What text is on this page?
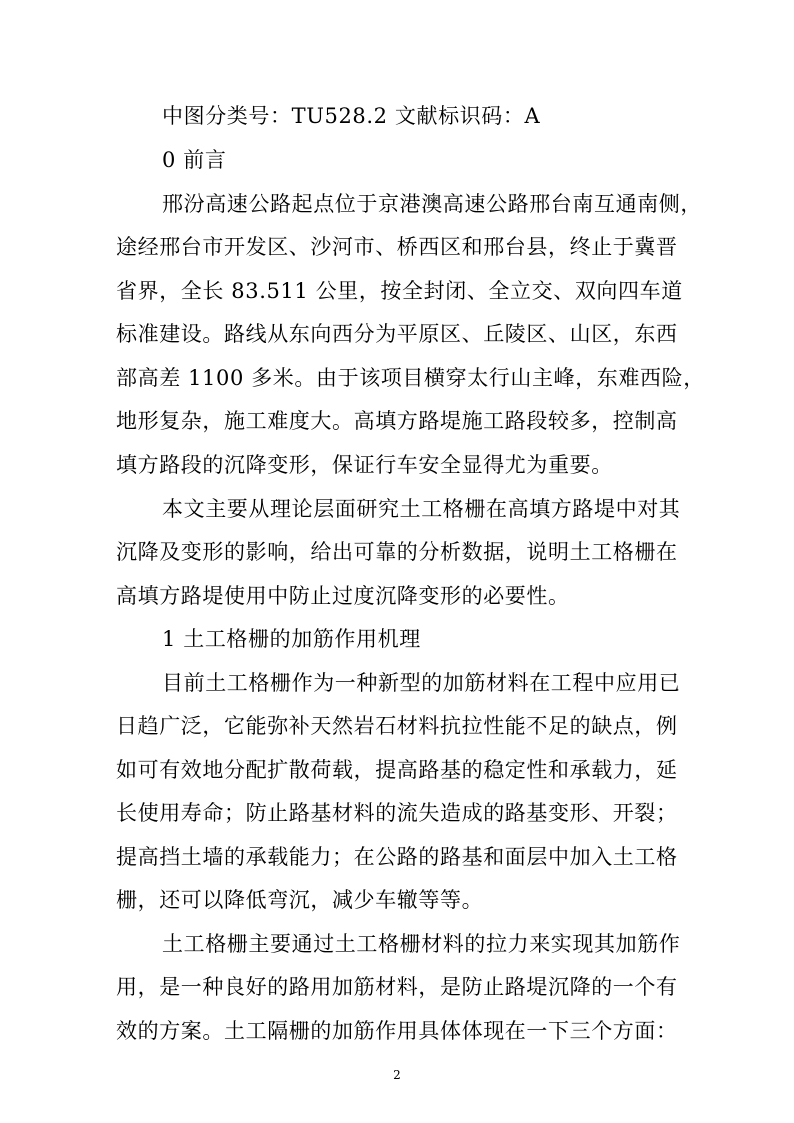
中图分类号：TU528.2 文献标识码：A
0 前言
邢汾高速公路起点位于京港澳高速公路邢台南互通南侧，
途经邢台市开发区、沙河市、桥西区和邢台县，终止于冀晋
省界，全长 83.511 公里，按全封闭、全立交、双向四车道
标准建设。路线从东向西分为平原区、丘陵区、山区，东西
部高差 1100 多米。由于该项目横穿太行山主峰，东难西险，
地形复杂，施工难度大。高填方路堤施工路段较多，控制高
填方路段的沉降变形，保证行车安全显得尤为重要。
本文主要从理论层面研究土工格栅在高填方路堤中对其
沉降及变形的影响，给出可靠的分析数据，说明土工格栅在
高填方路堤使用中防止过度沉降变形的必要性。
1 土工格栅的加筋作用机理
目前土工格栅作为一种新型的加筋材料在工程中应用已
日趋广泛，它能弥补天然岩石材料抗拉性能不足的缺点，例
如可有效地分配扩散荷载，提高路基的稳定性和承载力，延
长使用寿命；防止路基材料的流失造成的路基变形、开裂；
提高挡土墙的承载能力；在公路的路基和面层中加入土工格
栅，还可以降低弯沉，减少车辙等等。
土工格栅主要通过土工格栅材料的拉力来实现其加筋作
用，是一种良好的路用加筋材料，是防止路堤沉降的一个有
效的方案。土工隔栅的加筋作用具体体现在一下三个方面：
2
